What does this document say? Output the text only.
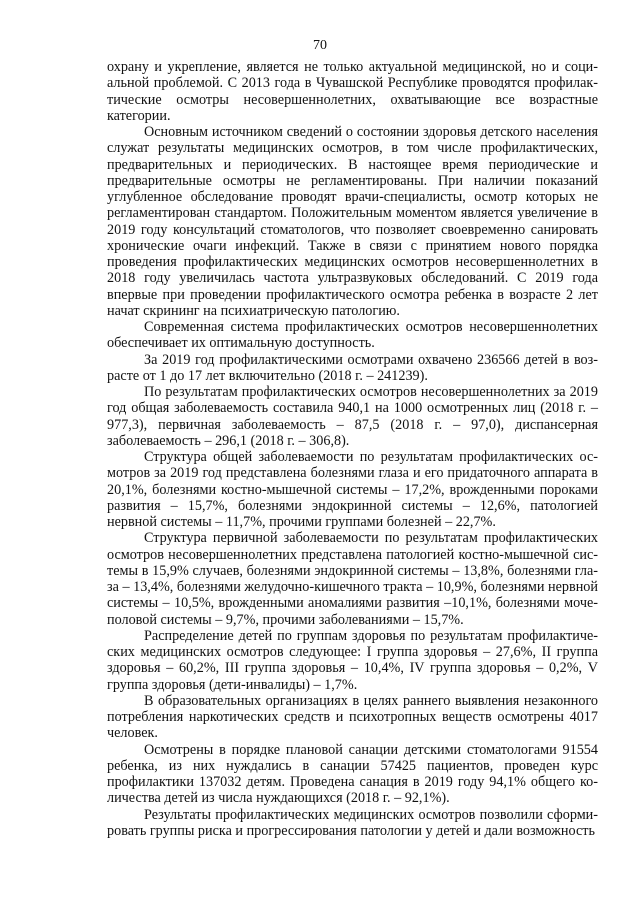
70

охрану и укрепление, является не только актуальной медицинской, но и социальной проблемой. С 2013 года в Чувашской Республике проводятся профилактические осмотры несовершеннолетних, охватывающие все возрастные категории.

Основным источником сведений о состоянии здоровья детского населения служат результаты медицинских осмотров, в том числе профилактических, предварительных и периодических. В настоящее время периодические и предварительные осмотры не регламентированы. При наличии показаний углубленное обследование проводят врачи-специалисты, осмотр которых не регламентирован стандартом. Положительным моментом является увеличение в 2019 году консультаций стоматологов, что позволяет своевременно санировать хронические очаги инфекций. Также в связи с принятием нового порядка проведения профилактических медицинских осмотров несовершеннолетних в 2018 году увеличилась частота ультразвуковых обследований. С 2019 года впервые при проведении профилактического осмотра ребенка в возрасте 2 лет начат скрининг на психиатрическую патологию.

Современная система профилактических осмотров несовершеннолетних обеспечивает их оптимальную доступность.

За 2019 год профилактическими осмотрами охвачено 236566 детей в возрасте от 1 до 17 лет включительно (2018 г. – 241239).

По результатам профилактических осмотров несовершеннолетних за 2019 год общая заболеваемость составила 940,1 на 1000 осмотренных лиц (2018 г. – 977,3), первичная заболеваемость – 87,5 (2018 г. – 97,0), диспансерная заболеваемость – 296,1 (2018 г. – 306,8).

Структура общей заболеваемости по результатам профилактических осмотров за 2019 год представлена болезнями глаза и его придаточного аппарата в 20,1%, болезнями костно-мышечной системы – 17,2%, врожденными пороками развития – 15,7%, болезнями эндокринной системы – 12,6%, патологией нервной системы – 11,7%, прочими группами болезней – 22,7%.

Структура первичной заболеваемости по результатам профилактических осмотров несовершеннолетних представлена патологией костно-мышечной системы в 15,9% случаев, болезнями эндокринной системы – 13,8%, болезнями глаза – 13,4%, болезнями желудочно-кишечного тракта – 10,9%, болезнями нервной системы – 10,5%, врожденными аномалиями развития –10,1%, болезнями мочеполовой системы – 9,7%, прочими заболеваниями – 15,7%.

Распределение детей по группам здоровья по результатам профилактических медицинских осмотров следующее: I группа здоровья – 27,6%, II группа здоровья – 60,2%, III группа здоровья – 10,4%, IV группа здоровья – 0,2%, V группа здоровья (дети-инвалиды) – 1,7%.

В образовательных организациях в целях раннего выявления незаконного потребления наркотических средств и психотропных веществ осмотрены 4017 человек.

Осмотрены в порядке плановой санации детскими стоматологами 91554 ребенка, из них нуждались в санации 57425 пациентов, проведен курс профилактики 137032 детям. Проведена санация в 2019 году 94,1% общего количества детей из числа нуждающихся (2018 г. – 92,1%).

Результаты профилактических медицинских осмотров позволили сформировать группы риска и прогрессирования патологии у детей и дали возможность
